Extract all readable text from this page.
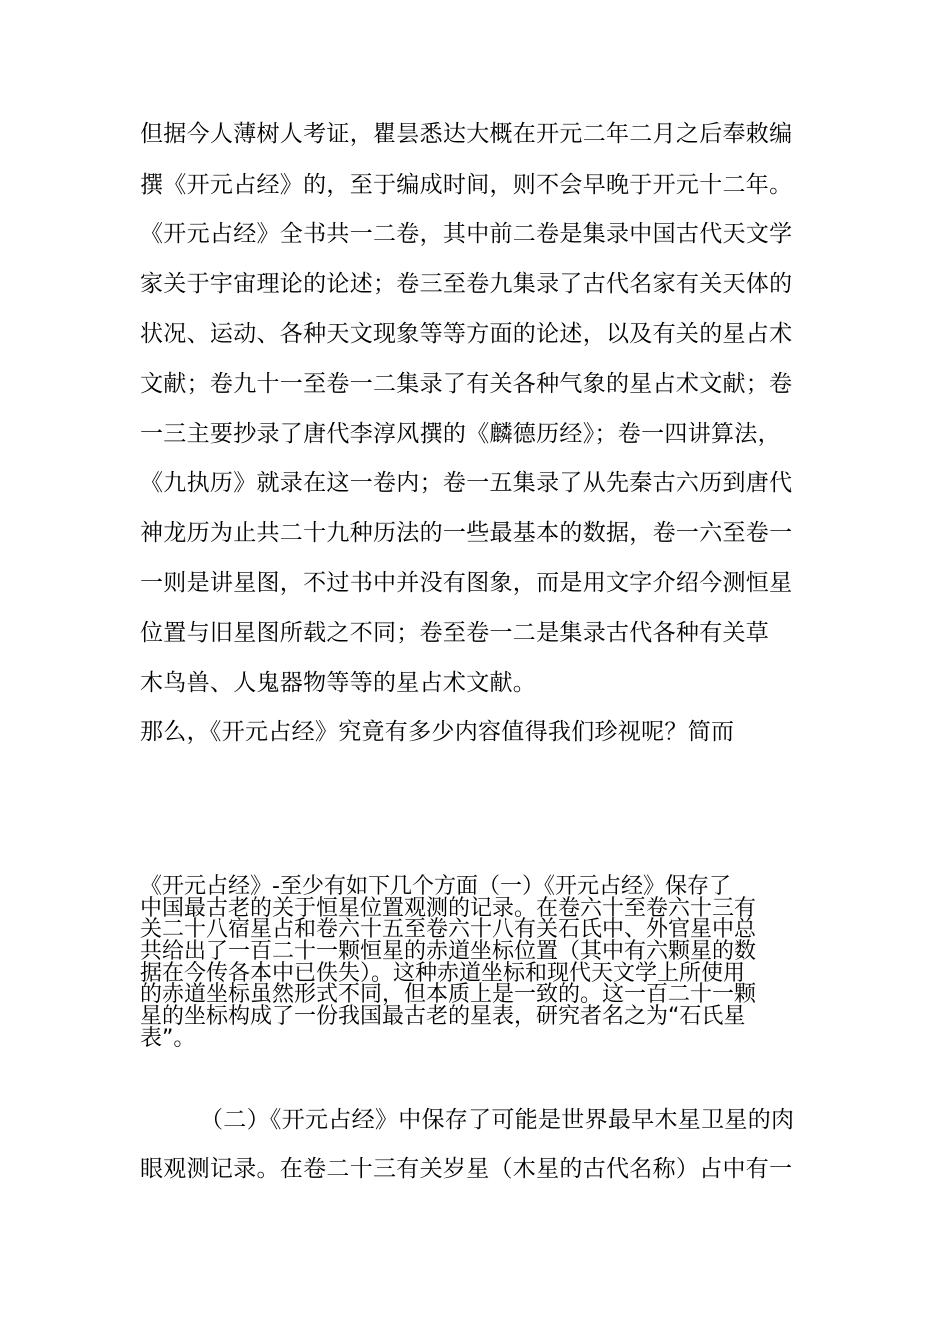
但据今人薄树人考证，瞿昙悉达大概在开元二年二月之后奉敕编
撰《开元占经》的，至于编成时间，则不会早晚于开元十二年。
《开元占经》全书共一二卷，其中前二卷是集录中国古代天文学
家关于宇宙理论的论述；卷三至卷九集录了古代名家有关天体的
状况、运动、各种天文现象等等方面的论述，以及有关的星占术
文献；卷九十一至卷一二集录了有关各种气象的星占术文献；卷
一三主要抄录了唐代李淳风撰的《麟德历经》；卷一四讲算法，
《九执历》就录在这一卷内；卷一五集录了从先秦古六历到唐代
神龙历为止共二十九种历法的一些最基本的数据，卷一六至卷一
一则是讲星图，不过书中并没有图象，而是用文字介绍今测恒星
位置与旧星图所载之不同；卷至卷一二是集录古代各种有关草
木鸟兽、人鬼器物等等的星占术文献。
那么，《开元占经》究竟有多少内容值得我们珍视呢？简而
《开元占经》-至少有如下几个方面（一）《开元占经》保存了
中国最古老的关于恒星位置观测的记录。在卷六十至卷六十三有
关二十八宿星占和卷六十五至卷六十八有关石氏中、外官星中总
共给出了一百二十一颗恒星的赤道坐标位置（其中有六颗星的数
据在今传各本中已佚失）。这种赤道坐标和现代天文学上所使用
的赤道坐标虽然形式不同，但本质上是一致的。这一百二十一颗
星的坐标构成了一份我国最古老的星表，研究者名之为“石氏星
表”。
（二）《开元占经》中保存了可能是世界最早木星卫星的肉
眼观测记录。在卷二十三有关岁星（木星的古代名称）占中有一
